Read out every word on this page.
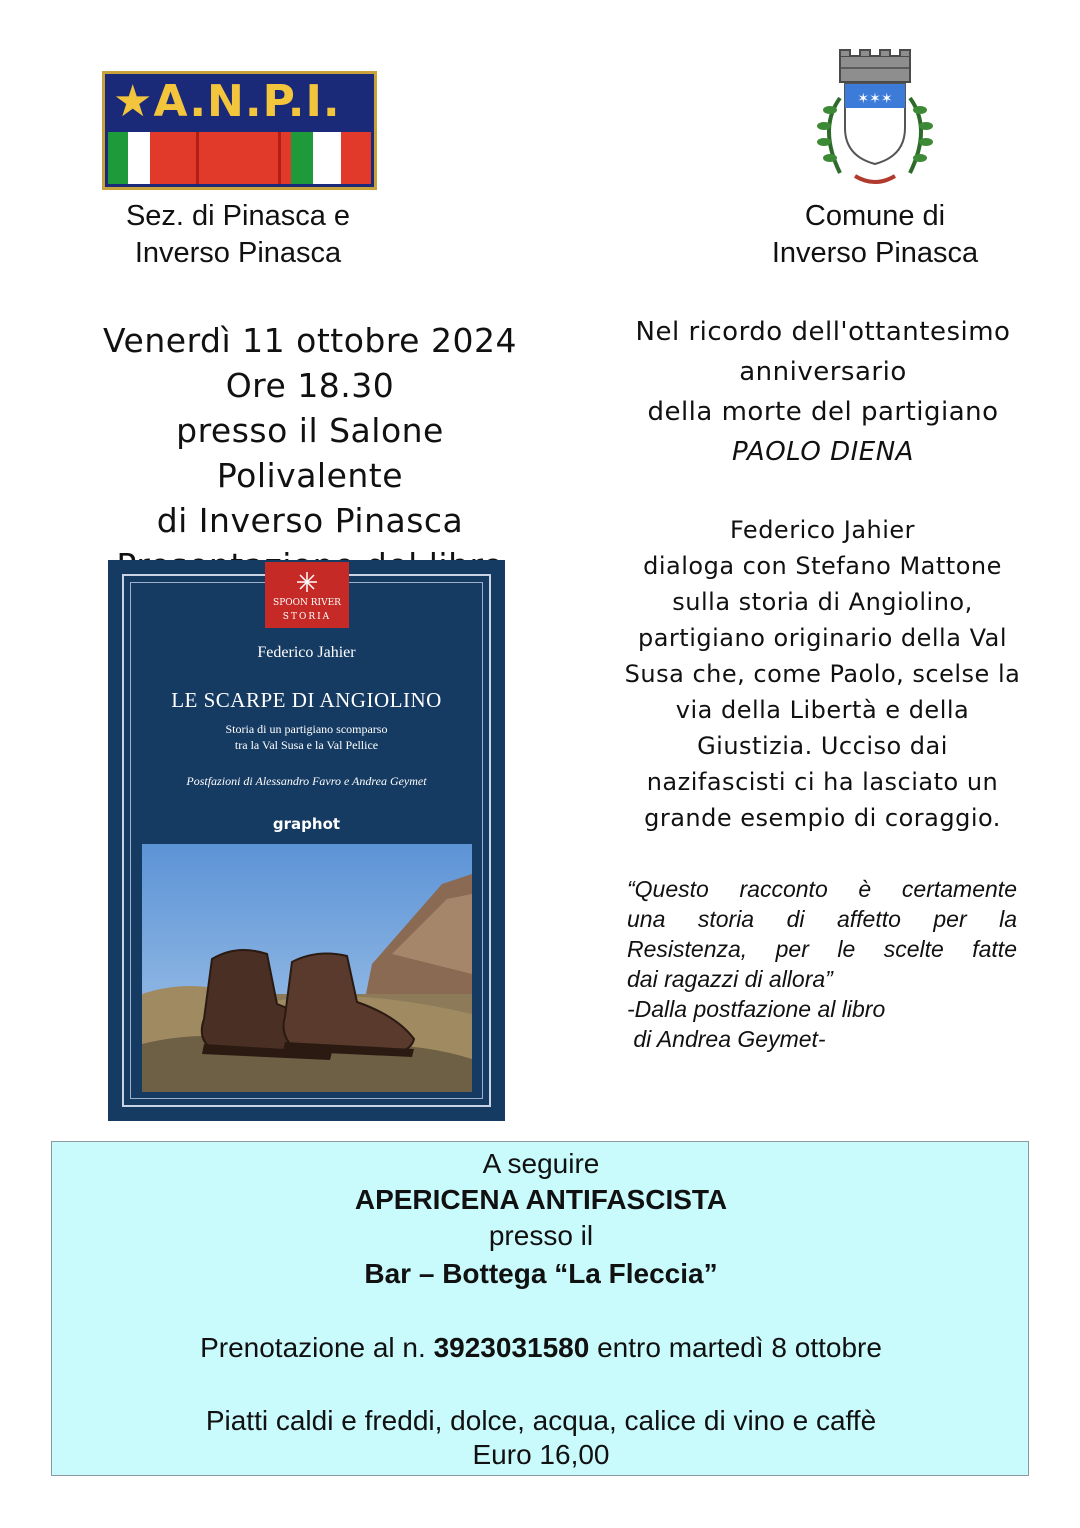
★A.N.P.I.
Sez. di Pinasca e
Inverso Pinasca
✶✶✶
Comune di
Inverso Pinasca
Venerdì 11 ottobre 2024
Ore 18.30
presso il Salone Polivalente
di Inverso Pinasca
Nel ricordo dell'ottantesimo
anniversario
della morte del partigiano
PAOLO DIENA
Federico Jahier
dialoga con Stefano Mattone
sulla storia di Angiolino,
partigiano originario della Val
Susa che, come Paolo, scelse la
via della Libertà e della
Giustizia. Ucciso dai
nazifascisti ci ha lasciato un
grande esempio di coraggio.
“Questo racconto è certamente
una storia di affetto per la
Resistenza, per le scelte fatte
dai ragazzi di allora”
-Dalla postfazione al libro
di Andrea Geymet-
SPOON RIVER
STORIA
Federico Jahier
LE SCARPE DI ANGIOLINO
Storia di un partigiano scomparso
tra la Val Susa e la Val Pellice
Postfazioni di Alessandro Favro e Andrea Geymet
graphot
A seguire
APERICENA ANTIFASCISTA
presso il
Bar – Bottega “La Fleccia”
Prenotazione al n. 3923031580 entro martedì 8 ottobre
Piatti caldi e freddi, dolce, acqua, calice di vino e caffè
Euro 16,00
